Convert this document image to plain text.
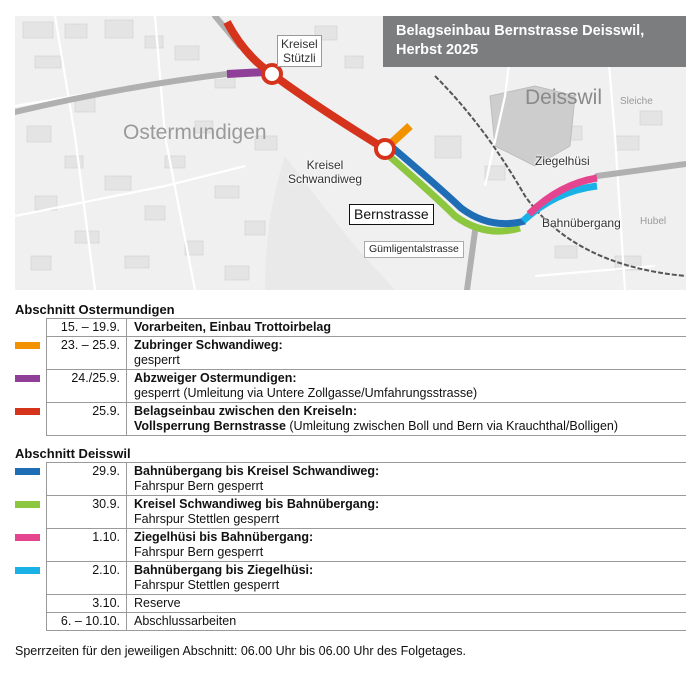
Belagseinbau Bernstrasse Deisswil,
Herbst 2025
Ostermundigen
Deisswil Sleiche
Hubel
Kreisel
Stützli
Kreisel
Schwandiweg
Bernstrasse
Gümligentalstrasse
Ziegelhüsi
Bahnübergang
Abschnitt Ostermundigen
	15. – 19.9.	Vorarbeiten, Einbau Trottoirbelag

	23. – 25.9.	Zubringer Schwandiweg:
gesperrt

	24./25.9.	Abzweiger Ostermundigen:
gesperrt (Umleitung via Untere Zollgasse/Umfahrungsstrasse)

	25.9.	Belagseinbau zwischen den Kreiseln:
Vollsperrung Bernstrasse (Umleitung zwischen Boll und Bern via Krauchthal/Bolligen)
Abschnitt Deisswil
	29.9.	Bahnübergang bis Kreisel Schwandiweg:
Fahrspur Bern gesperrt

	30.9.	Kreisel Schwandiweg bis Bahnübergang:
Fahrspur Stettlen gesperrt

	1.10.	Ziegelhüsi bis Bahnübergang:
Fahrspur Bern gesperrt

	2.10.	Bahnübergang bis Ziegelhüsi:
Fahrspur Stettlen gesperrt

	3.10.	Reserve

	6. – 10.10.	Abschlussarbeiten
Sperrzeiten für den jeweiligen Abschnitt: 06.00 Uhr bis 06.00 Uhr des Folgetages.
